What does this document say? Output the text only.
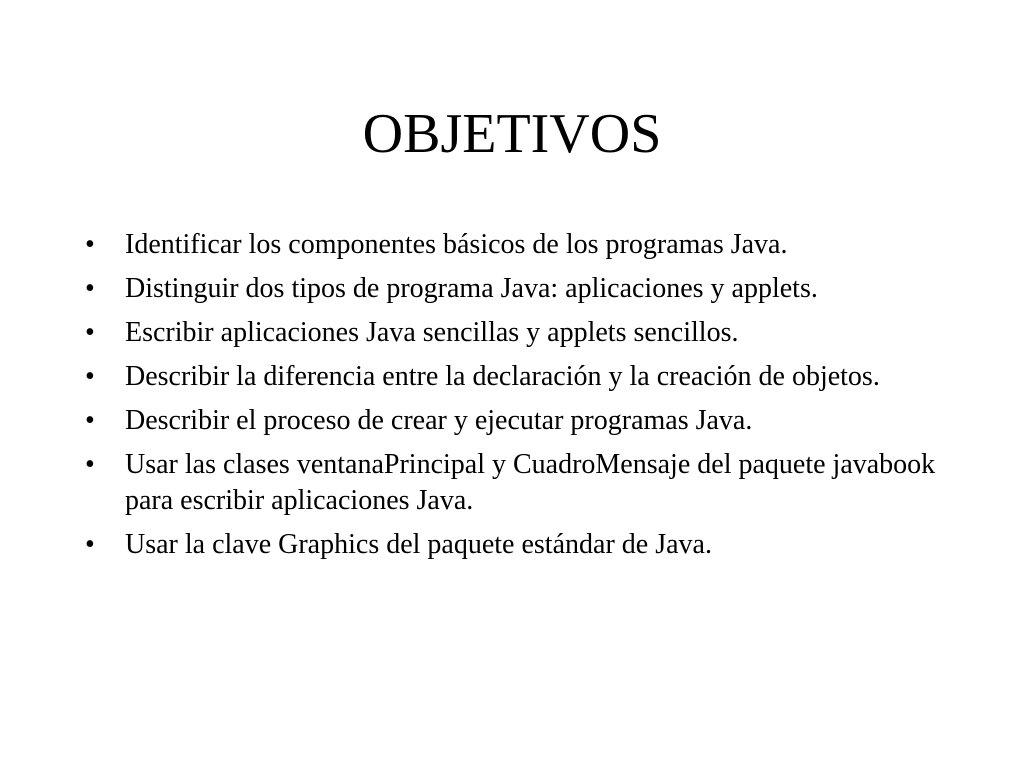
OBJETIVOS
•	Identificar los componentes básicos de los programas Java.
•	Distinguir dos tipos de programa Java: aplicaciones y applets.
•	Escribir aplicaciones Java sencillas y applets sencillos.
•	Describir la diferencia entre la declaración y la creación de objetos.
•	Describir el proceso de crear y ejecutar programas Java.
•	Usar las clases ventanaPrincipal y CuadroMensaje del paquete javabook para escribir aplicaciones Java.
•	Usar la clave Graphics del paquete estándar de Java.
